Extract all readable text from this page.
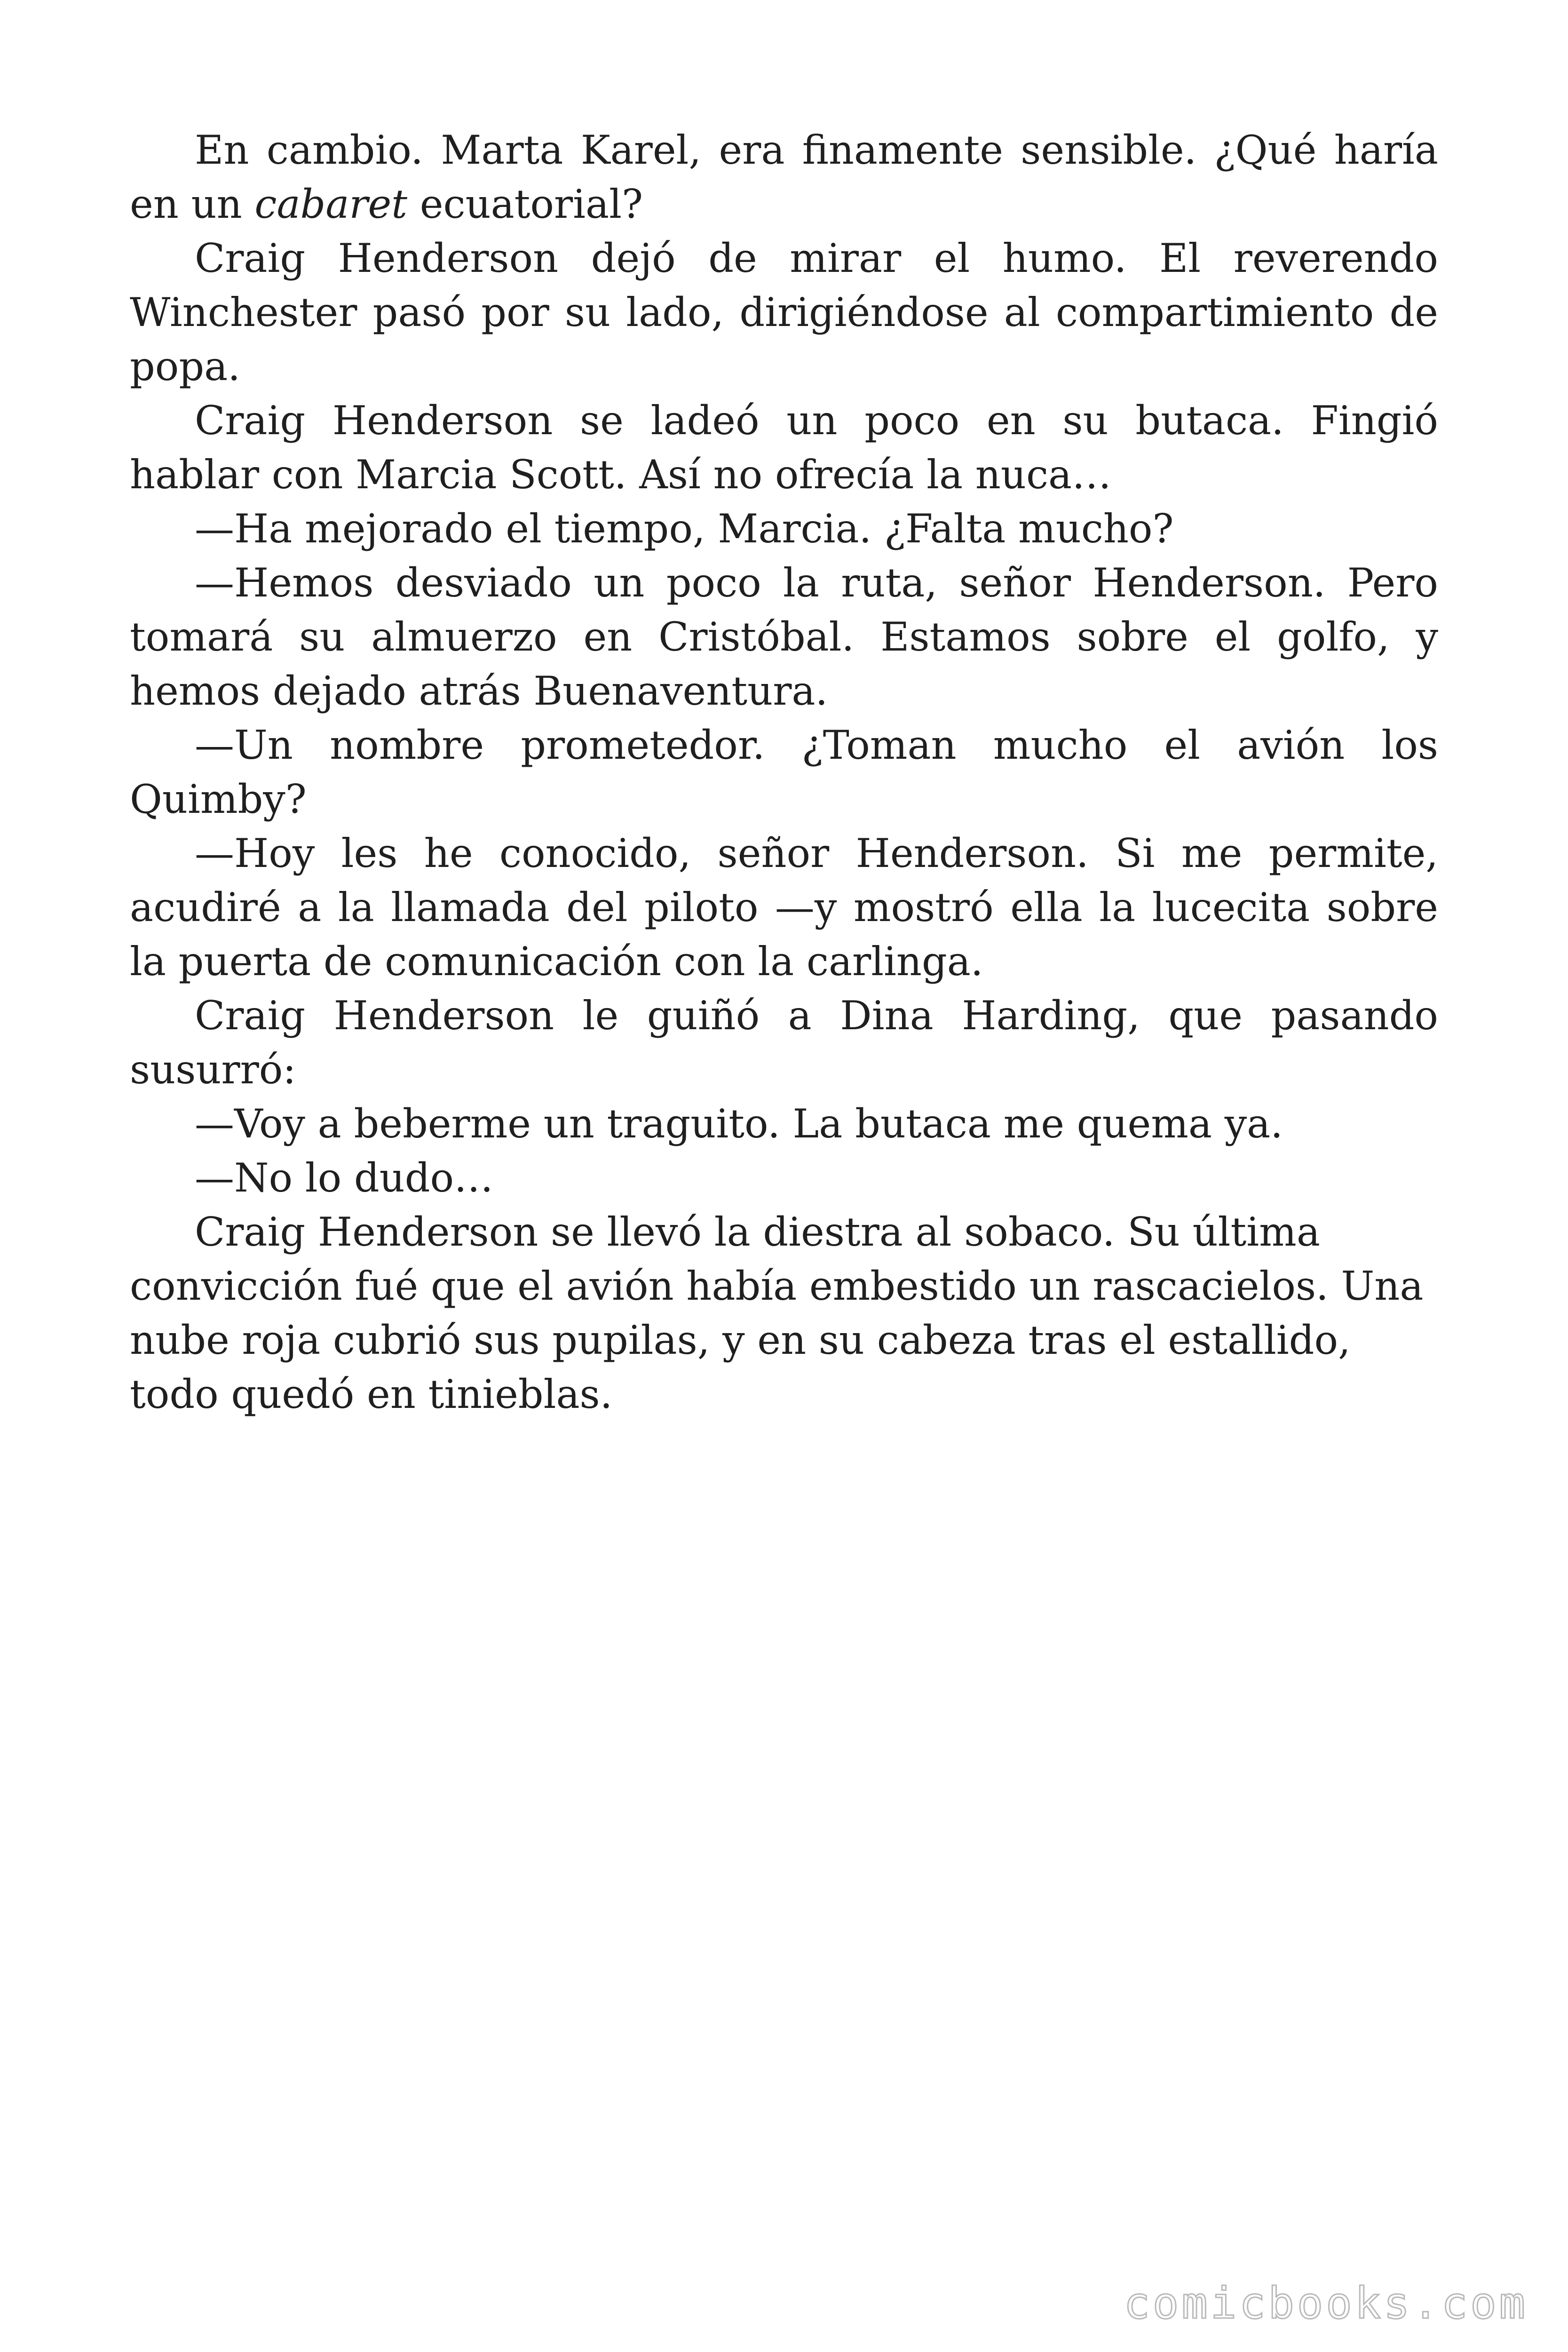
En cambio. Marta Karel, era finamente sensible. ¿Qué haría en un cabaret ecuatorial?

Craig Henderson dejó de mirar el humo. El reverendo Winchester pasó por su lado, dirigiéndose al compartimiento de popa.

Craig Henderson se ladeó un poco en su butaca. Fingió hablar con Marcia Scott. Así no ofrecía la nuca…

—Ha mejorado el tiempo, Marcia. ¿Falta mucho?

—Hemos desviado un poco la ruta, señor Henderson. Pero tomará su almuerzo en Cristóbal. Estamos sobre el golfo, y hemos dejado atrás Buenaventura.

—Un nombre prometedor. ¿Toman mucho el avión los Quimby?

—Hoy les he conocido, señor Henderson. Si me permite, acudiré a la llamada del piloto —y mostró ella la lucecita sobre la puerta de comunicación con la carlinga.

Craig Henderson le guiñó a Dina Harding, que pasando susurró:

—Voy a beberme un traguito. La butaca me quema ya.

—No lo dudo…

Craig Henderson se llevó la diestra al sobaco. Su última convicción fué que el avión había embestido un rascacielos. Una nube roja cubrió sus pupilas, y en su cabeza tras el estallido, todo quedó en tinieblas.

comicbooks.com
